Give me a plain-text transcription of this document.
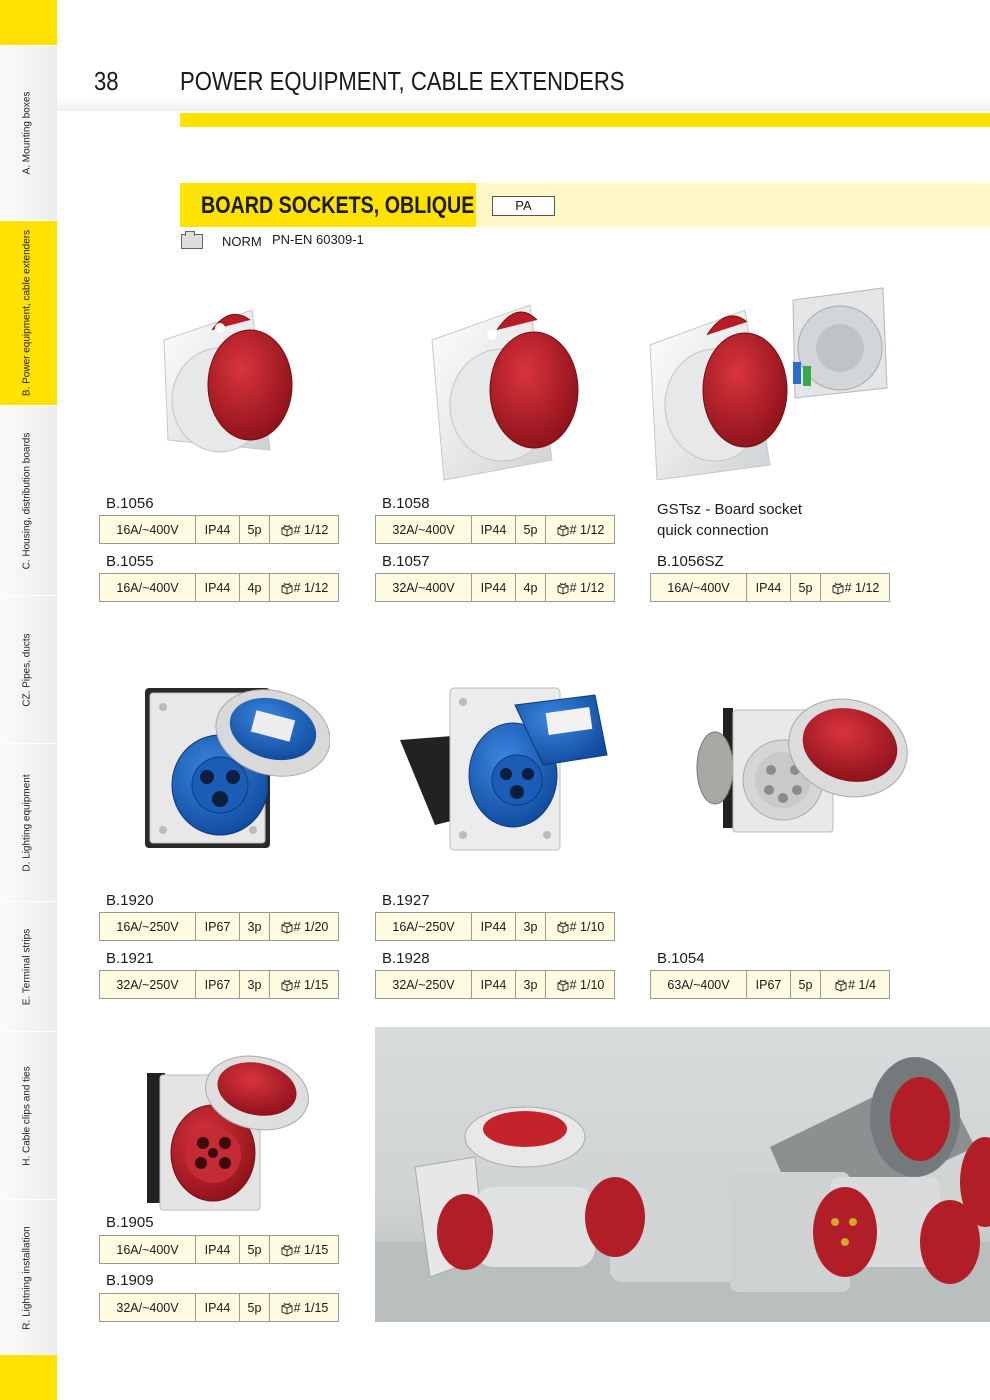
A. Mounting boxes
B. Power equipment, cable extenders
C. Housing, distribution boards
CZ. Pipes, ducts
D. Lighting equipment
E. Terminal strips
H. Cable clips and ties
R. Lightning installation
38 POWER EQUIPMENT, CABLE EXTENDERS
BOARD SOCKETS, OBLIQUE	PA
NORM PN-EN 60309-1
B.1056
16A/~400V	IP44	5p	# 1/12
B.1055
16A/~400V	IP44	4p	# 1/12
B.1058
32A/~400V	IP44	5p	# 1/12
B.1057
32A/~400V	IP44	4p	# 1/12
GSTsz - Board socket
quick connection
B.1056SZ
16A/~400V	IP44	5p	# 1/12
B.1920
16A/~250V	IP67	3p	# 1/20
B.1921
32A/~250V	IP67	3p	# 1/15
B.1927
16A/~250V	IP44	3p	# 1/10
B.1928
32A/~250V	IP44	3p	# 1/10
B.1054
63A/~400V	IP67	5p	# 1/4
B.1905
16A/~400V	IP44	5p	# 1/15
B.1909
32A/~400V	IP44	5p	# 1/15
